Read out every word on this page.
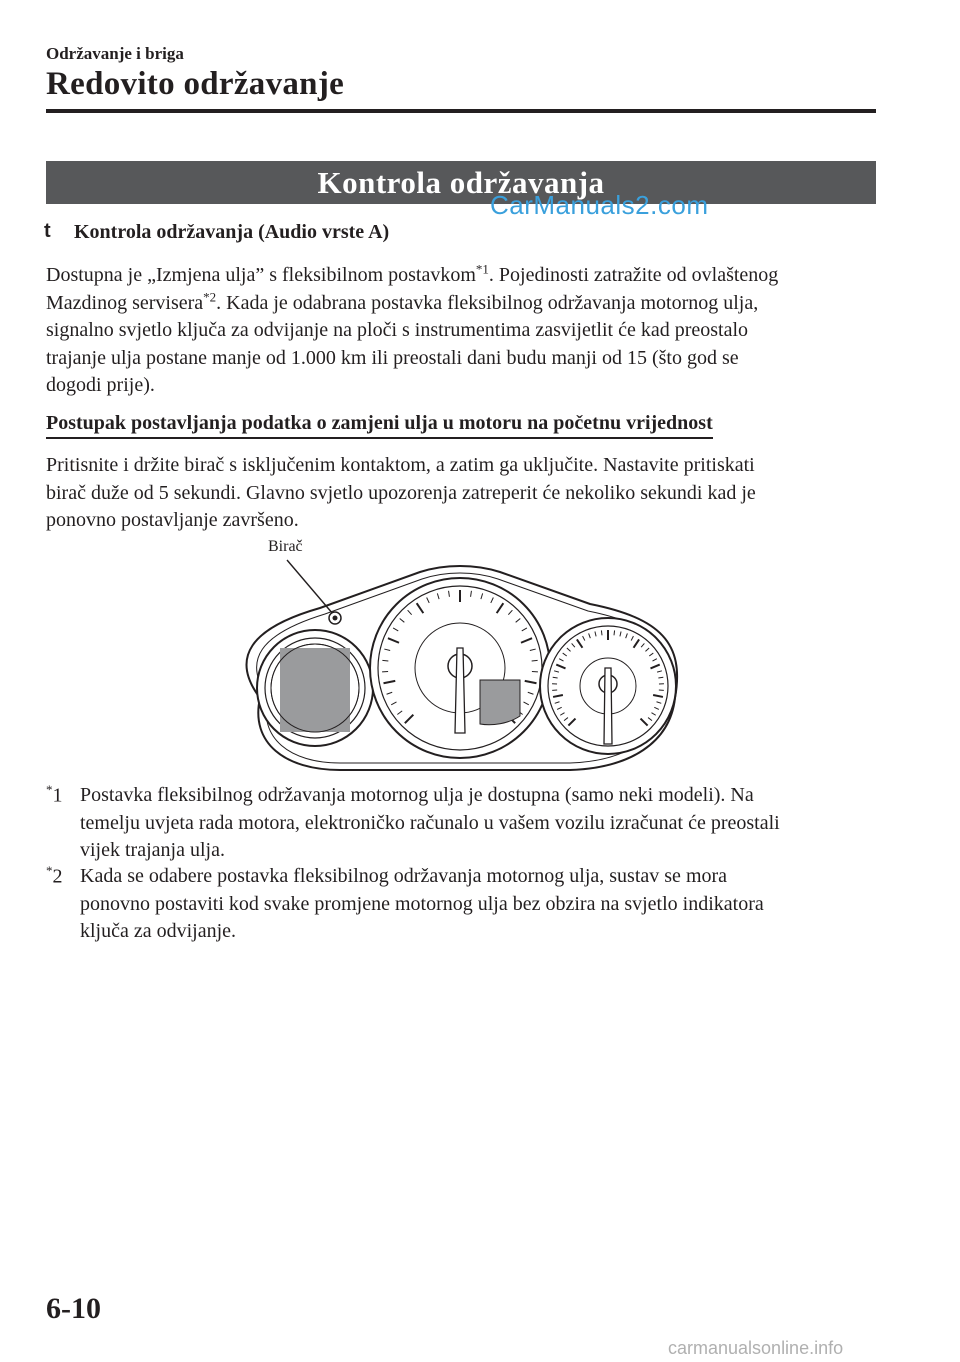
Održavanje i briga
Redovito održavanje
Kontrola održavanja
CarManuals2.com
t Kontrola održavanja (Audio vrste A)
Dostupna je „Izmjena ulja” s fleksibilnom postavkom$^{*1}$. Pojedinosti zatražite od ovlaštenog
Mazdinog servisera$^{*2}$. Kada je odabrana postavka fleksibilnog održavanja motornog ulja,
signalno svjetlo ključa za odvijanje na ploči s instrumentima zasvijetlit će kad preostalo
trajanje ulja postane manje od 1.000 km ili preostali dani budu manji od 15 (što god se
dogodi prije).
Postupak postavljanja podatka o zamjeni ulja u motoru na početnu vrijednost
Pritisnite i držite birač s isključenim kontaktom, a zatim ga uključite. Nastavite pritiskati
birač duže od 5 sekundi. Glavno svjetlo upozorenja zatreperit će nekoliko sekundi kad je
ponovno postavljanje završeno.
Birač
*1 Postavka fleksibilnog održavanja motornog ulja je dostupna (samo neki modeli). Na
temelju uvjeta rada motora, elektroničko računalo u vašem vozilu izračunat će preostali
vijek trajanja ulja.
*2 Kada se odabere postavka fleksibilnog održavanja motornog ulja, sustav se mora
ponovno postaviti kod svake promjene motornog ulja bez obzira na svjetlo indikatora
ključa za odvijanje.
6-10
carmanualsonline.info
